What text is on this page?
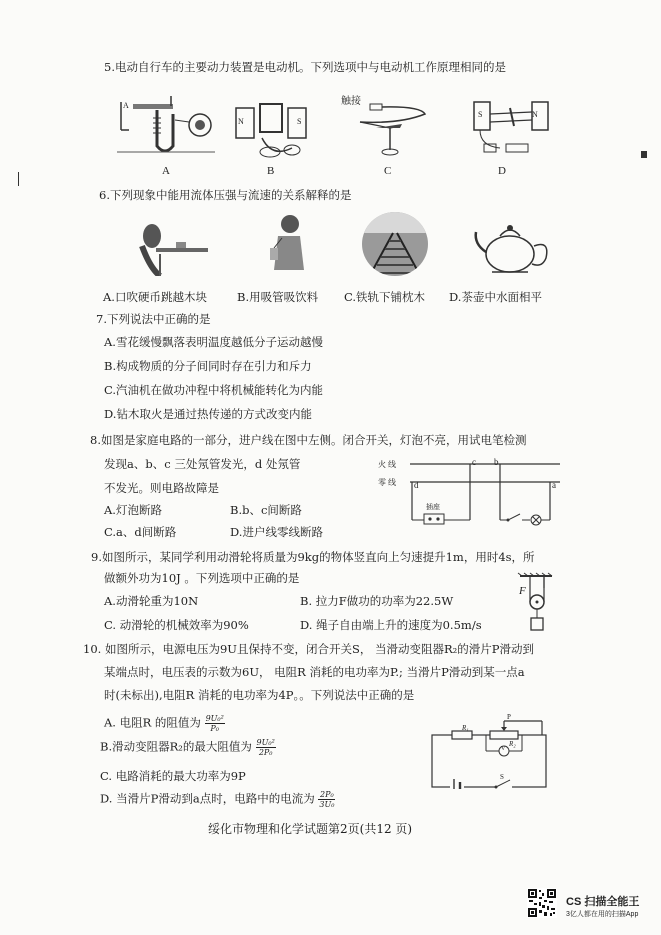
5.电动自行车的主要动力装置是电动机。下列选项中与电动机工作原理相同的是
A
A
N	S
B
触接
C
S	N
D
6.下列现象中能用流体压强与流速的关系解释的是
A.口吹硬币跳越木块	B.用吸管吸饮料 C.铁轨下铺枕木 D.茶壶中水面相平
7.下列说法中正确的是
A.雪花缓慢飘落表明温度越低分子运动越慢
B.构成物质的分子间同时存在引力和斥力
C.汽油机在做功冲程中将机械能转化为内能
D.钻木取火是通过热传递的方式改变内能
8.如图是家庭电路的一部分，进户线在图中左侧。闭合开关，灯泡不亮，用试电笔检测
发现a、b、c 三处氖管发光，d 处氖管
不发光。则电路故障是
A.灯泡断路	B.b、c间断路
C.a、d间断路	D.进户线零线断路
火 线
零 线
c b
d	a
插座
9.如图所示，某同学利用动滑轮将质量为9kg的物体竖直向上匀速提升1m，用时4s，所
做额外功为10J 。下列选项中正确的是
A.动滑轮重为10N	B. 拉力F做功的功率为22.5W
C. 动滑轮的机械效率为90%	D. 绳子自由端上升的速度为0.5m/s
F
10. 如图所示，电源电压为9U且保持不变，闭合开关S， 当滑动变阻器R₂的滑片P滑动到
某端点时，电压表的示数为6U， 电阻R 消耗的电功率为P.; 当滑片P滑动到某一点a
时(未标出),电阻R 消耗的电功率为4P。。下列说法中正确的是
A. 电阻R 的阻值为 $\frac{\text{9U₀²}}{\text{P₀}}$
B.滑动变阻器R₂的最大阻值为 $\frac{\text{9U₀²}}{\text{2P₀}}$
C. 电路消耗的最大功率为9P
D. 当滑片P滑动到a点时，电路中的电流为 $\frac{\text{2P₀}}{\text{3U₀}}$
R₁
P
R₂
V
S
绥化市物理和化学试题第2页(共12 页)
CS 扫描全能王
3亿人都在用的扫描App
